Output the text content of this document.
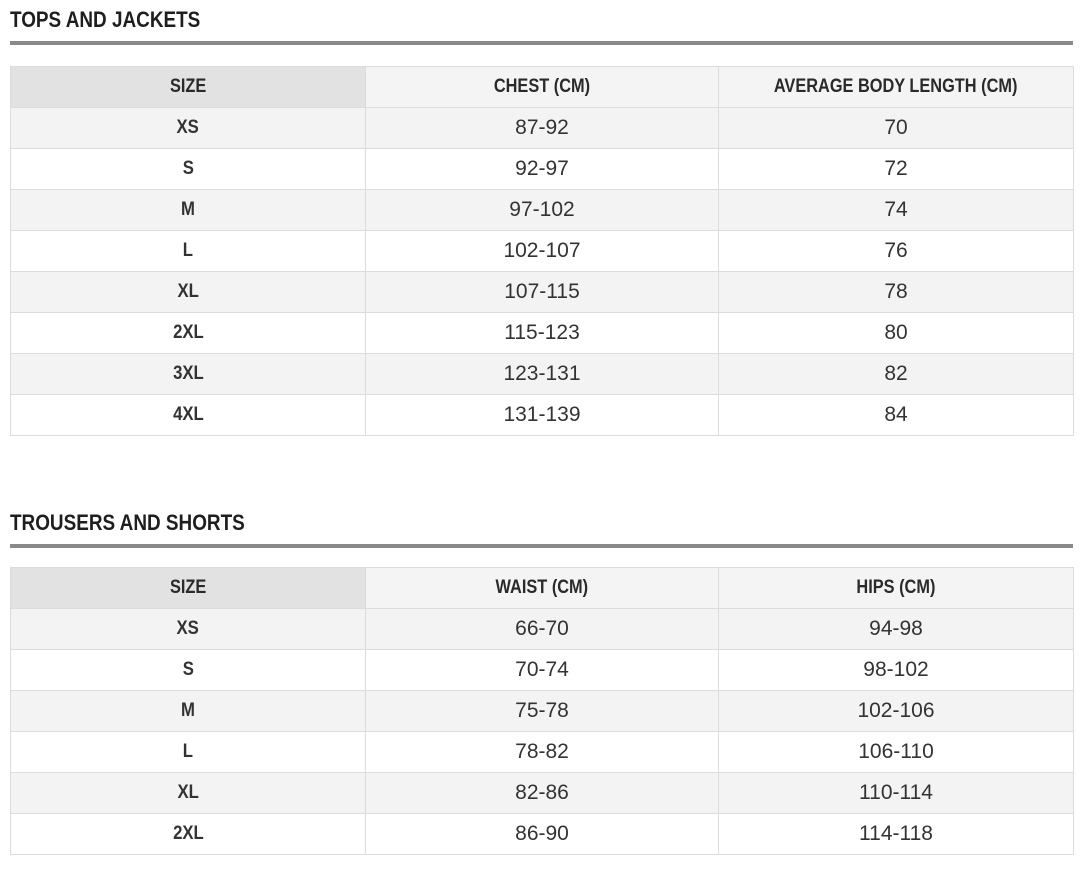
TOPS AND JACKETS
SIZE	CHEST (CM)	AVERAGE BODY LENGTH (CM)
XS	87-92	70
S	92-97	72
M	97-102	74
L	102-107	76
XL	107-115	78
2XL	115-123	80
3XL	123-131	82
4XL	131-139	84
TROUSERS AND SHORTS
SIZE	WAIST (CM)	HIPS (CM)
XS	66-70	94-98
S	70-74	98-102
M	75-78	102-106
L	78-82	106-110
XL	82-86	110-114
2XL	86-90	114-118
